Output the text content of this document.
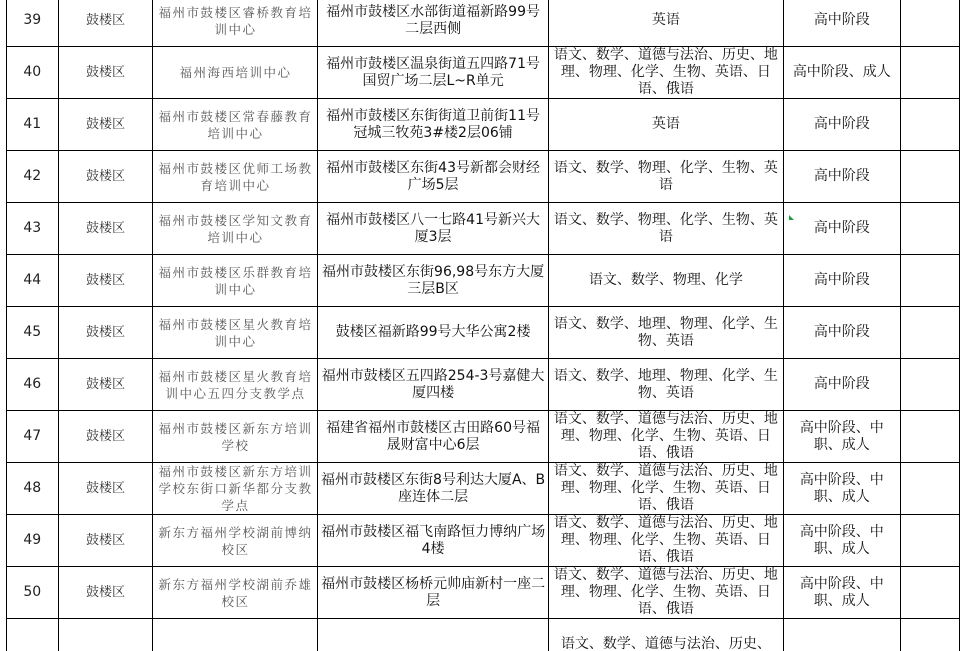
39	鼓楼区	福州市鼓楼区睿桥教育培训中心	福州市鼓楼区水部街道福新路99号二层西侧	英语	高中阶段	
40	鼓楼区	福州海西培训中心	福州市鼓楼区温泉街道五四路71号国贸广场二层L~R单元	语文、数学、道德与法治、历史、地理、物理、化学、生物、英语、日语、俄语	高中阶段、成人	
41	鼓楼区	福州市鼓楼区常春藤教育培训中心	福州市鼓楼区东街街道卫前街11号冠城三牧苑3#楼2层06铺	英语	高中阶段	
42	鼓楼区	福州市鼓楼区优师工场教育培训中心	福州市鼓楼区东街43号新都会财经广场5层	语文、数学、物理、化学、生物、英语	高中阶段	
43	鼓楼区	福州市鼓楼区学知文教育培训中心	福州市鼓楼区八一七路41号新兴大厦3层	语文、数学、物理、化学、生物、英语	高中阶段	
44	鼓楼区	福州市鼓楼区乐群教育培训中心	福州市鼓楼区东街96,98号东方大厦三层B区	语文、数学、物理、化学	高中阶段	
45	鼓楼区	福州市鼓楼区星火教育培训中心	鼓楼区福新路99号大华公寓2楼	语文、数学、地理、物理、化学、生物、英语	高中阶段	
46	鼓楼区	福州市鼓楼区星火教育培训中心五四分支教学点	福州市鼓楼区五四路254-3号嘉健大厦四楼	语文、数学、地理、物理、化学、生物、英语	高中阶段	
47	鼓楼区	福州市鼓楼区新东方培训学校	福建省福州市鼓楼区古田路60号福晟财富中心6层	语文、数学、道德与法治、历史、地理、物理、化学、生物、英语、日语、俄语	高中阶段、中职、成人	
48	鼓楼区	福州市鼓楼区新东方培训学校东街口新华都分支教学点	福州市鼓楼区东街8号利达大厦A、B座连体二层	语文、数学、道德与法治、历史、地理、物理、化学、生物、英语、日语、俄语	高中阶段、中职、成人	
49	鼓楼区	新东方福州学校湖前博纳校区	福州市鼓楼区福飞南路恒力博纳广场4楼	语文、数学、道德与法治、历史、地理、物理、化学、生物、英语、日语、俄语	高中阶段、中职、成人	
50	鼓楼区	新东方福州学校湖前乔雄校区	福州市鼓楼区杨桥元帅庙新村一座二层	语文、数学、道德与法治、历史、地理、物理、化学、生物、英语、日语、俄语	高中阶段、中职、成人	
				语文、数学、道德与法治、历史、		
